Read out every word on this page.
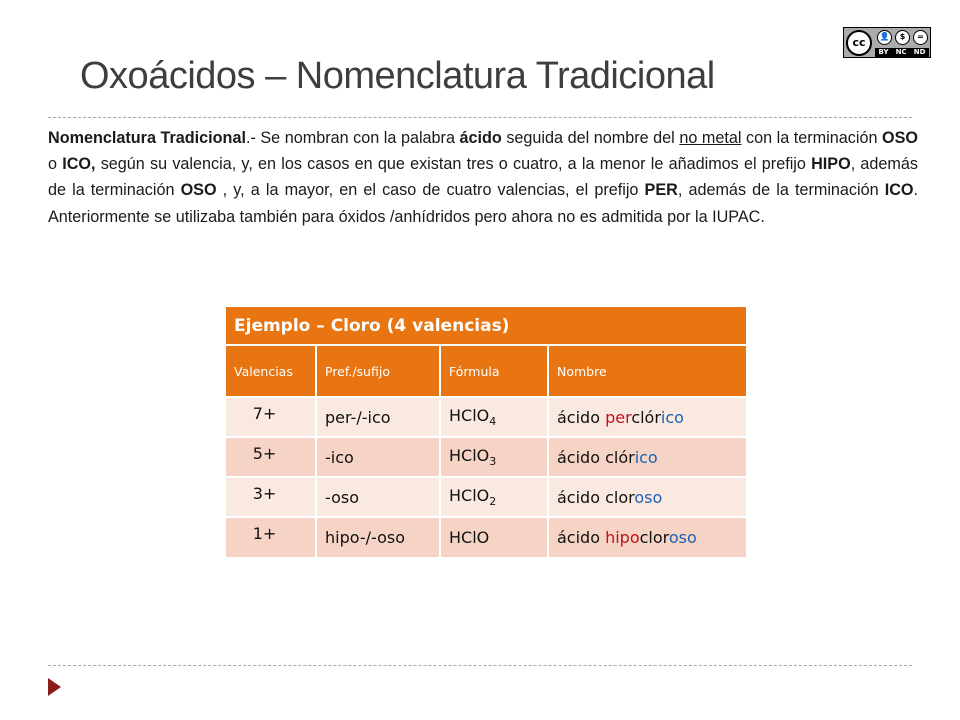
cc	👤	$	=
BY NC ND
Oxoácidos – Nomenclatura Tradicional
Nomenclatura Tradicional.- Se nombran con la palabra ácido seguida del nombre del no metal con la terminación OSO o ICO, según su valencia, y, en los casos en que existan tres o cuatro, a la menor le añadimos el prefijo HIPO, además de la terminación OSO , y, a la mayor, en el caso de cuatro valencias, el prefijo PER, además de la terminación ICO. Anteriormente se utilizaba también para óxidos /anhídridos pero ahora no es admitida por la IUPAC.
Ejemplo – Cloro (4 valencias)			
Valencias	Pref./sufijo	Fórmula	Nombre
7+	per-/-ico	HClO$_4$	ácido perclórico
5+	-ico	HClO$_3$	ácido clórico
3+	-oso	HClO$_2$	ácido cloroso
1+	hipo-/-oso	HClO	ácido hipocloroso
